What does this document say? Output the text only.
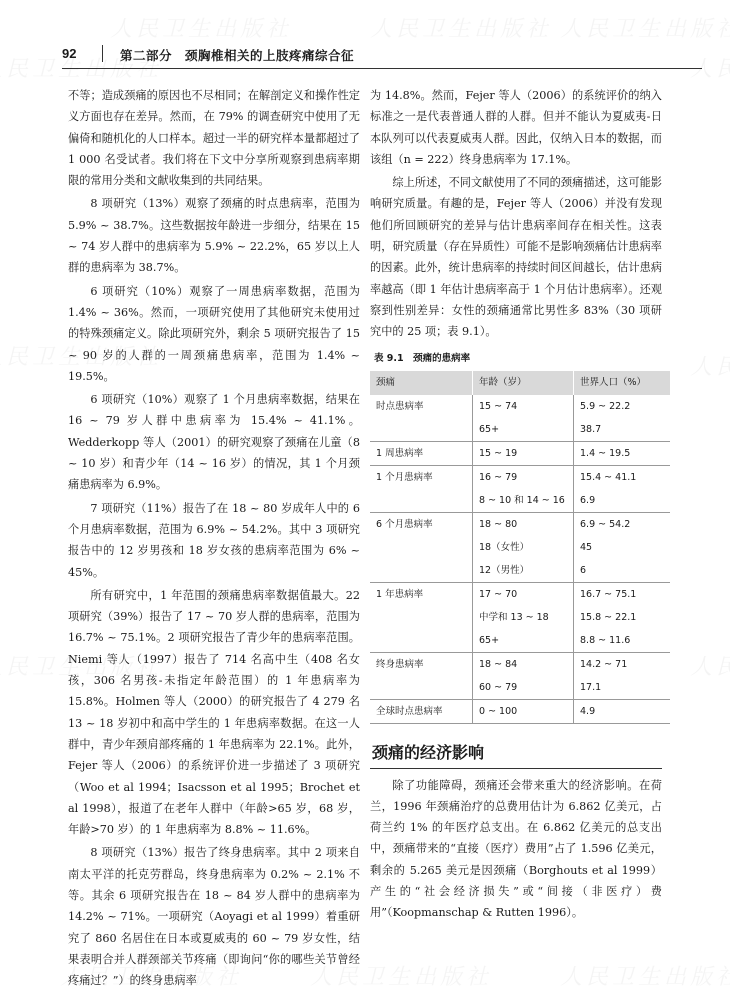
92	第二部分　颈胸椎相关的上肢疼痛综合征

不等；造成颈痛的原因也不尽相同；在解剖定义和操作性定义方面也存在差异。然而，在 79% 的调查研究中使用了无偏倚和随机化的人口样本。超过一半的研究样本量都超过了 1 000 名受试者。我们将在下文中分享所观察到患病率期限的常用分类和文献收集到的共同结果。

8 项研究（13%）观察了颈痛的时点患病率，范围为 5.9% ~ 38.7%。这些数据按年龄进一步细分，结果在 15 ~ 74 岁人群中的患病率为 5.9% ~ 22.2%，65 岁以上人群的患病率为 38.7%。

6 项研究（10%）观察了一周患病率数据，范围为 1.4% ~ 36%。然而，一项研究使用了其他研究未使用过的特殊颈痛定义。除此项研究外，剩余 5 项研究报告了 15 ~ 90 岁的人群的一周颈痛患病率，范围为 1.4% ~ 19.5%。

6 项研究（10%）观察了 1 个月患病率数据，结果在 16 ~ 79 岁人群中患病率为 15.4% ~ 41.1%。Wedderkopp 等人（2001）的研究观察了颈痛在儿童（8 ~ 10 岁）和青少年（14 ~ 16 岁）的情况，其 1 个月颈痛患病率为 6.9%。

7 项研究（11%）报告了在 18 ~ 80 岁成年人中的 6 个月患病率数据，范围为 6.9% ~ 54.2%。其中 3 项研究报告中的 12 岁男孩和 18 岁女孩的患病率范围为 6% ~ 45%。

所有研究中，1 年范围的颈痛患病率数据值最大。22 项研究（39%）报告了 17 ~ 70 岁人群的患病率，范围为 16.7% ~ 75.1%。2 项研究报告了青少年的患病率范围。Niemi 等人（1997）报告了 714 名高中生（408 名女孩，306 名男孩-未指定年龄范围）的 1 年患病率为 15.8%。Holmen 等人（2000）的研究报告了 4 279 名 13 ~ 18 岁初中和高中学生的 1 年患病率数据。在这一人群中，青少年颈肩部疼痛的 1 年患病率为 22.1%。此外，Fejer 等人（2006）的系统评价进一步描述了 3 项研究（Woo et al 1994；Isacsson et al 1995；Brochet et al 1998），报道了在老年人群中（年龄>65 岁，68 岁，年龄>70 岁）的 1 年患病率为 8.8% ~ 11.6%。

8 项研究（13%）报告了终身患病率。其中 2 项来自南太平洋的托克劳群岛，终身患病率为 0.2% ~ 2.1% 不等。其余 6 项研究报告在 18 ~ 84 岁人群中的患病率为 14.2% ~ 71%。一项研究（Aoyagi et al 1999）着重研究了 860 名居住在日本或夏威夷的 60 ~ 79 岁女性，结果表明合并人群颈部关节疼痛（即询问“你的哪些关节曾经疼痛过？”）的终身患病率

为 14.8%。然而，Fejer 等人（2006）的系统评价的纳入标准之一是代表普通人群的人群。但并不能认为夏威夷-日本队列可以代表夏威夷人群。因此，仅纳入日本的数据，而该组（n = 222）终身患病率为 17.1%。

综上所述，不同文献使用了不同的颈痛描述，这可能影响研究质量。有趣的是，Fejer 等人（2006）并没有发现他们所回顾研究的差异与估计患病率间存在相关性。这表明，研究质量（存在异质性）可能不是影响颈痛估计患病率的因素。此外，统计患病率的持续时间区间越长，估计患病率越高（即 1 年估计患病率高于 1 个月估计患病率）。还观察到性别差异：女性的颈痛通常比男性多 83%（30 项研究中的 25 项；表 9.1）。

表 9.1　颈痛的患病率
颈痛	年龄（岁）	世界人口（%）
时点患病率	15 ~ 74	5.9 ~ 22.2
	65+	38.7
1 周患病率	15 ~ 19	1.4 ~ 19.5
1 个月患病率	16 ~ 79	15.4 ~ 41.1
	8 ~ 10 和 14 ~ 16	6.9
6 个月患病率	18 ~ 80	6.9 ~ 54.2
	18（女性）	45
	12（男性）	6
1 年患病率	17 ~ 70	16.7 ~ 75.1
	中学和 13 ~ 18	15.8 ~ 22.1
	65+	8.8 ~ 11.6
终身患病率	18 ~ 84	14.2 ~ 71
	60 ~ 79	17.1
全球时点患病率	0 ~ 100	4.9
颈痛的经济影响

除了功能障碍，颈痛还会带来重大的经济影响。在荷兰，1996 年颈痛治疗的总费用估计为 6.862 亿美元，占荷兰约 1% 的年医疗总支出。在 6.862 亿美元的总支出中，颈痛带来的“直接（医疗）费用”占了 1.596 亿美元，剩余的 5.265 美元是因颈痛（Borghouts et al 1999）产生的“社会经济损失”或“间接（非医疗）费用”（Koopmanschap & Rutten 1996）。
